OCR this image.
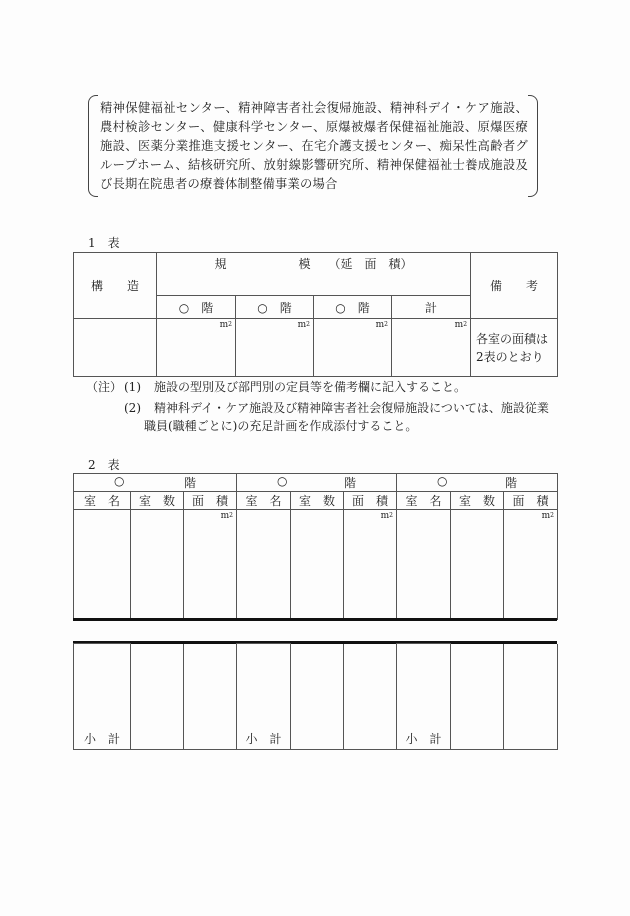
精神保健福祉センター、精神障害者社会復帰施設、精神科デイ・ケア施設、農村検診センター、健康科学センター、原爆被爆者保健福祉施設、原爆医療施設、医薬分業推進支援センター、在宅介護支援センター、痴呆性高齢者グループホーム、結核研究所、放射線影響研究所、精神保健福祉士養成施設及び長期在院患者の療養体制整備事業の場合
1　表
構　　造	規　　　　　　模　　（延　面　積）				備　　考
	○　階	○　階	○　階	計	

	$m^2$	$m^2$	$m^2$	$m^2$	各室の面積は
2表のとおり
（注） (1) 施設の型別及び部門別の定員等を備考欄に記入すること。
(2) 精神科デイ・ケア施設及び精神障害者社会復帰施設については、施設従業
職員(職種ごとに)の充足計画を作成添付すること。
2　表
○ 階			○ 階			○ 階		

室　名	室　数	面　積	室　名	室　数	面　積	室　名	室　数	面　積

		$m^2$			$m^2$			$m^2$
小　計			小　計			小　計		
